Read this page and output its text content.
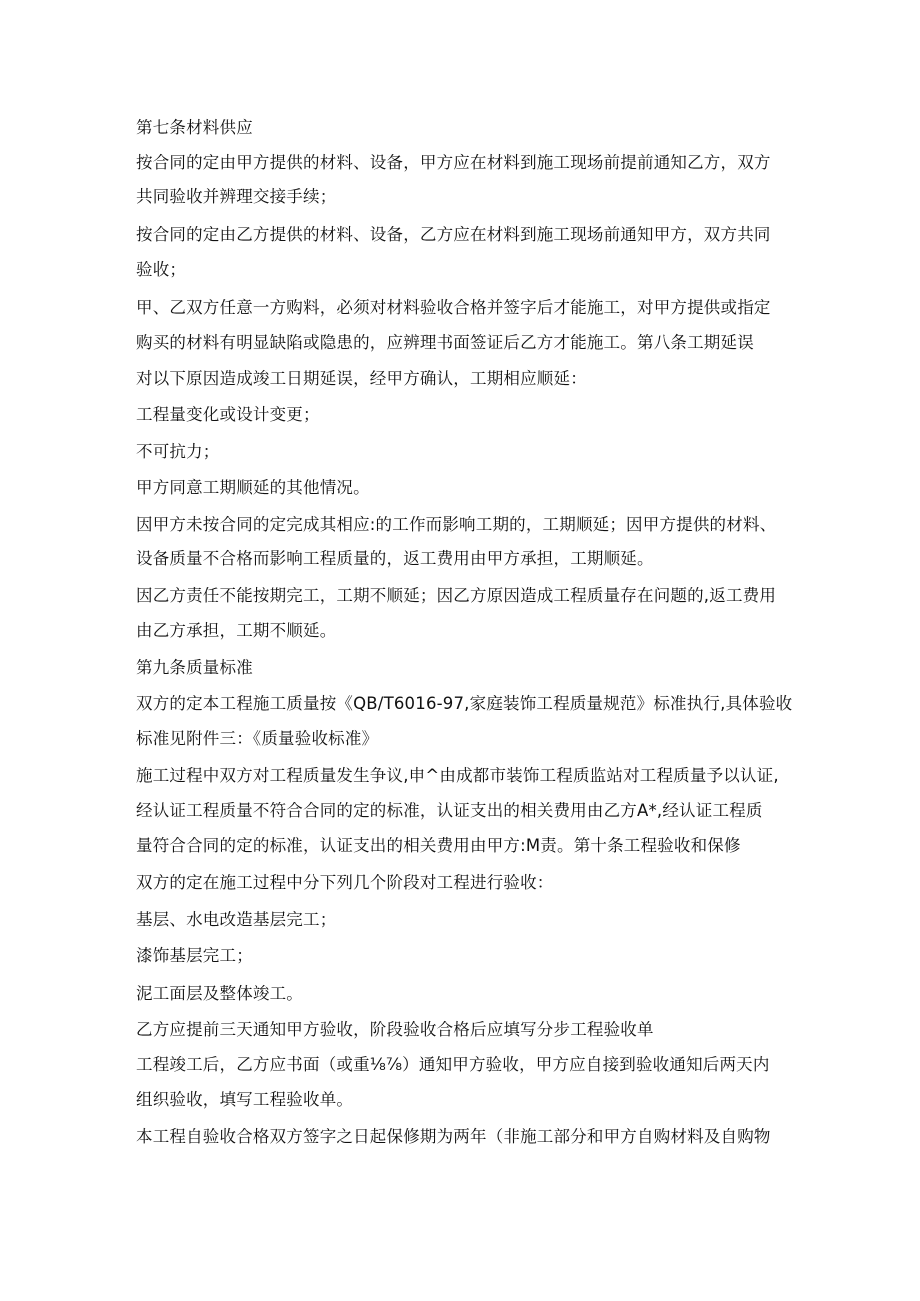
第七条材料供应
按合同的定由甲方提供的材料、设备，甲方应在材料到施工现场前提前通知乙方，双方
共同验收并辨理交接手续；
按合同的定由乙方提供的材料、设备，乙方应在材料到施工现场前通知甲方，双方共同
验收；
甲、乙双方任意一方购料，必须对材料验收合格并签字后才能施工，对甲方提供或指定
购买的材料有明显缺陷或隐患的，应辨理书面签证后乙方才能施工。第八条工期延误
对以下原因造成竣工日期延误，经甲方确认，工期相应顺延：
工程量变化或设计变更；
不可抗力；
甲方同意工期顺延的其他情况。
因甲方未按合同的定完成其相应:的工作而影响工期的，工期顺延；因甲方提供的材料、
设备质量不合格而影响工程质量的，返工费用由甲方承担，工期顺延。
因乙方责任不能按期完工，工期不顺延；因乙方原因造成工程质量存在问题的,返工费用
由乙方承担，工期不顺延。
第九条质量标准
双方的定本工程施工质量按《QB/T6016-97,家庭装饰工程质量规范》标准执行,具体验收
标准见附件三：《质量验收标准》
施工过程中双方对工程质量发生争议,申^由成都市装饰工程质监站对工程质量予以认证,
经认证工程质量不符合合同的定的标准，认证支出的相关费用由乙方A*,经认证工程质
量符合合同的定的标准，认证支出的相关费用由甲方:M责。第十条工程验收和保修
双方的定在施工过程中分下列几个阶段对工程进行验收：
基层、水电改造基层完工；
漆饰基层完工；
泥工面层及整体竣工。
乙方应提前三天通知甲方验收，阶段验收合格后应填写分步工程验收单
工程竣工后，乙方应书面（或重⅛⅞）通知甲方验收，甲方应自接到验收通知后两天内
组织验收，填写工程验收单。
本工程自验收合格双方签字之日起保修期为两年（非施工部分和甲方自购材料及自购物
